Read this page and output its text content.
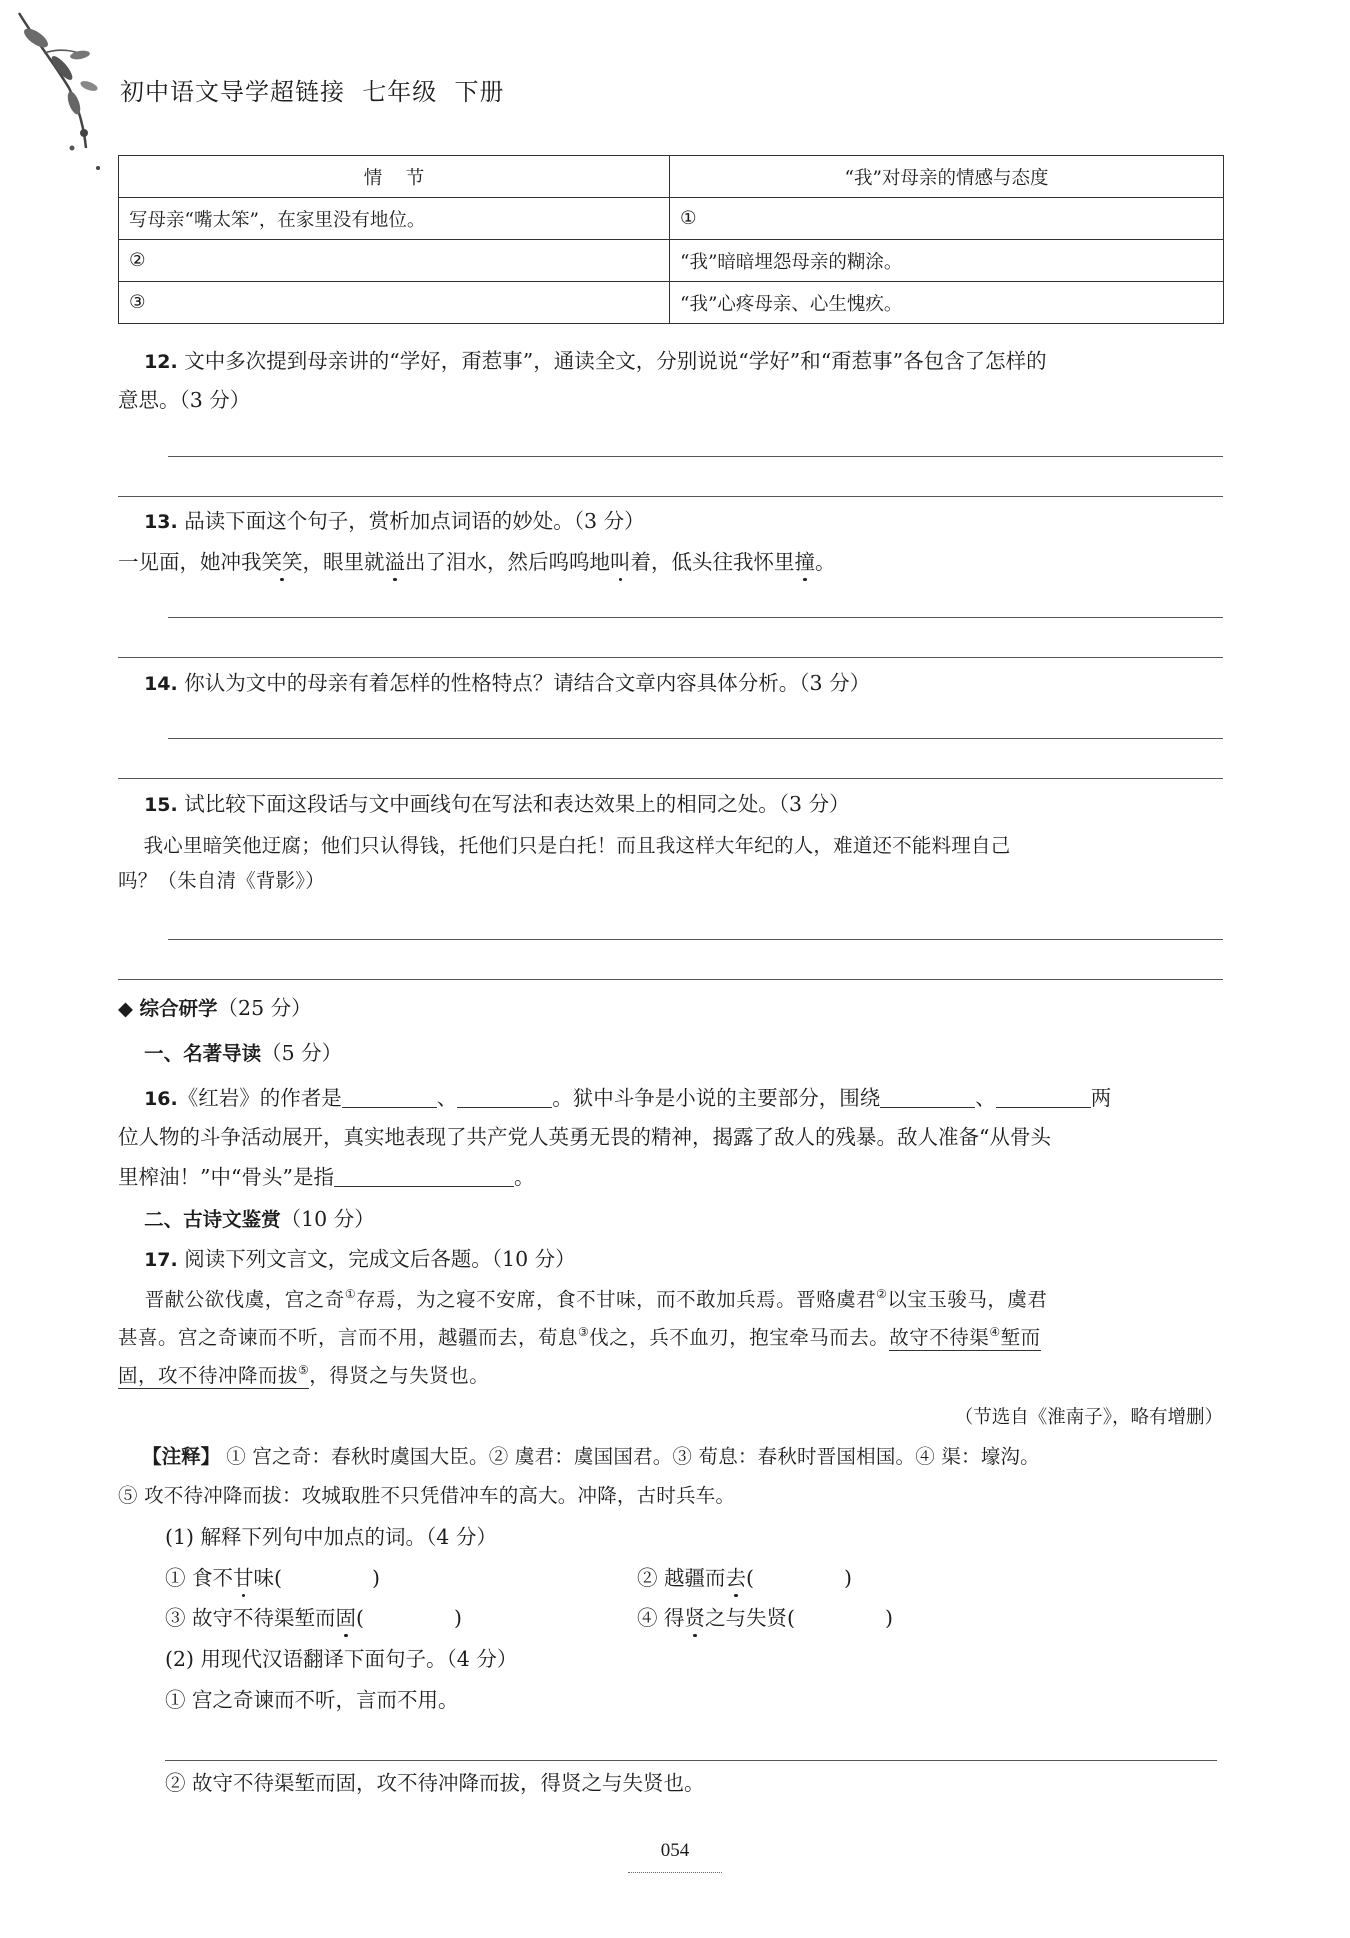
初中语文导学超链接  七年级  下册
情    节	“我”对母亲的情感与态度
写母亲“嘴太笨”，在家里没有地位。	①
②	“我”暗暗埋怨母亲的糊涂。
③	“我”心疼母亲、心生愧疚。
12. 文中多次提到母亲讲的“学好，甭惹事”，通读全文，分别说说“学好”和“甭惹事”各包含了怎样的
意思。（3 分）
13. 品读下面这个句子，赏析加点词语的妙处。（3 分）
一见面，她冲我笑笑，眼里就溢出了泪水，然后呜呜地叫着，低头往我怀里撞。
14. 你认为文中的母亲有着怎样的性格特点？请结合文章内容具体分析。（3 分）
15. 试比较下面这段话与文中画线句在写法和表达效果上的相同之处。（3 分）
我心里暗笑他迂腐；他们只认得钱，托他们只是白托！而且我这样大年纪的人，难道还不能料理自己
吗？（朱自清《背影》）
◆ 综合研学（25 分）
一、名著导读（5 分）
16.《红岩》的作者是	、	。狱中斗争是小说的主要部分，围绕	、	两
位人物的斗争活动展开，真实地表现了共产党人英勇无畏的精神，揭露了敌人的残暴。敌人准备“从骨头
里榨油！”中“骨头”是指	。
二、古诗文鉴赏（10 分）
17. 阅读下列文言文，完成文后各题。（10 分）
晋献公欲伐虞，宫之奇①存焉，为之寝不安席，食不甘味，而不敢加兵焉。晋赂虞君②以宝玉骏马，虞君
甚喜。宫之奇谏而不听，言而不用，越疆而去，荀息③伐之，兵不血刃，抱宝牵马而去。故守不待渠④堑而
固，攻不待冲降而拔⑤，得贤之与失贤也。
（节选自《淮南子》，略有增删）
【注释】 ① 宫之奇：春秋时虞国大臣。② 虞君：虞国国君。③ 荀息：春秋时晋国相国。④ 渠：壕沟。
⑤ 攻不待冲降而拔：攻城取胜不只凭借冲车的高大。冲降，古时兵车。
(1) 解释下列句中加点的词。（4 分）
① 食不甘味(	)	② 越疆而去(	)
③ 故守不待渠堑而固(	)	④ 得贤之与失贤(	)
(2) 用现代汉语翻译下面句子。（4 分）
① 宫之奇谏而不听，言而不用。
② 故守不待渠堑而固，攻不待冲降而拔，得贤之与失贤也。
054
